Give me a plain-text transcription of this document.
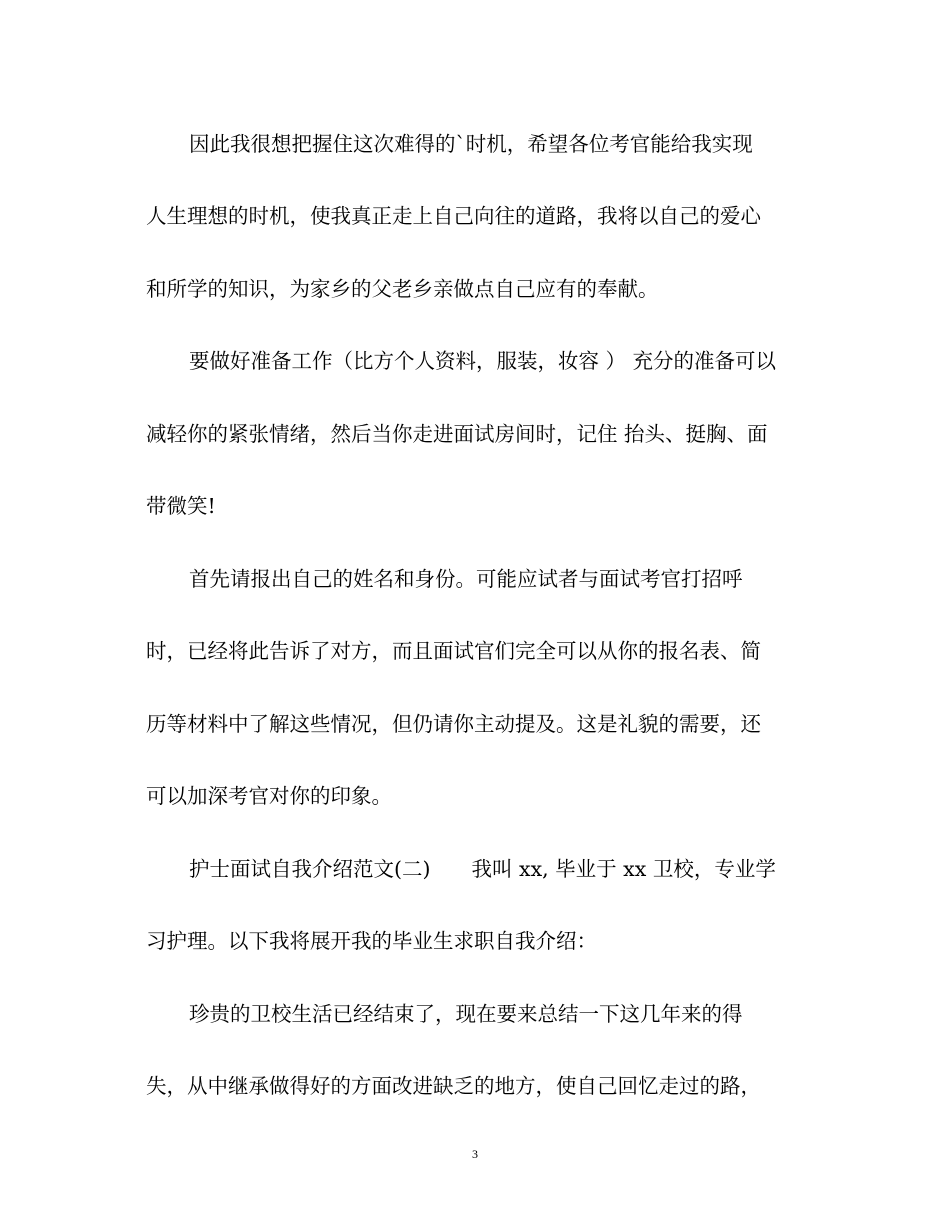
因此我很想把握住这次难得的`时机，希望各位考官能给我实现
人生理想的时机，使我真正走上自己向往的道路，我将以自己的爱心
和所学的知识，为家乡的父老乡亲做点自己应有的奉献。
要做好准备工作（比方个人资料，服装，妆容 ） 充分的准备可以
减轻你的紧张情绪，然后当你走进面试房间时，记住 抬头、挺胸、面
带微笑!
首先请报出自己的姓名和身份。可能应试者与面试考官打招呼
时，已经将此告诉了对方，而且面试官们完全可以从你的报名表、简
历等材料中了解这些情况，但仍请你主动提及。这是礼貌的需要，还
可以加深考官对你的印象。
护士面试自我介绍范文(二)　　我叫 xx, 毕业于 xx 卫校，专业学
习护理。以下我将展开我的毕业生求职自我介绍：
珍贵的卫校生活已经结束了，现在要来总结一下这几年来的得
失，从中继承做得好的方面改进缺乏的地方，使自己回忆走过的路，
3
